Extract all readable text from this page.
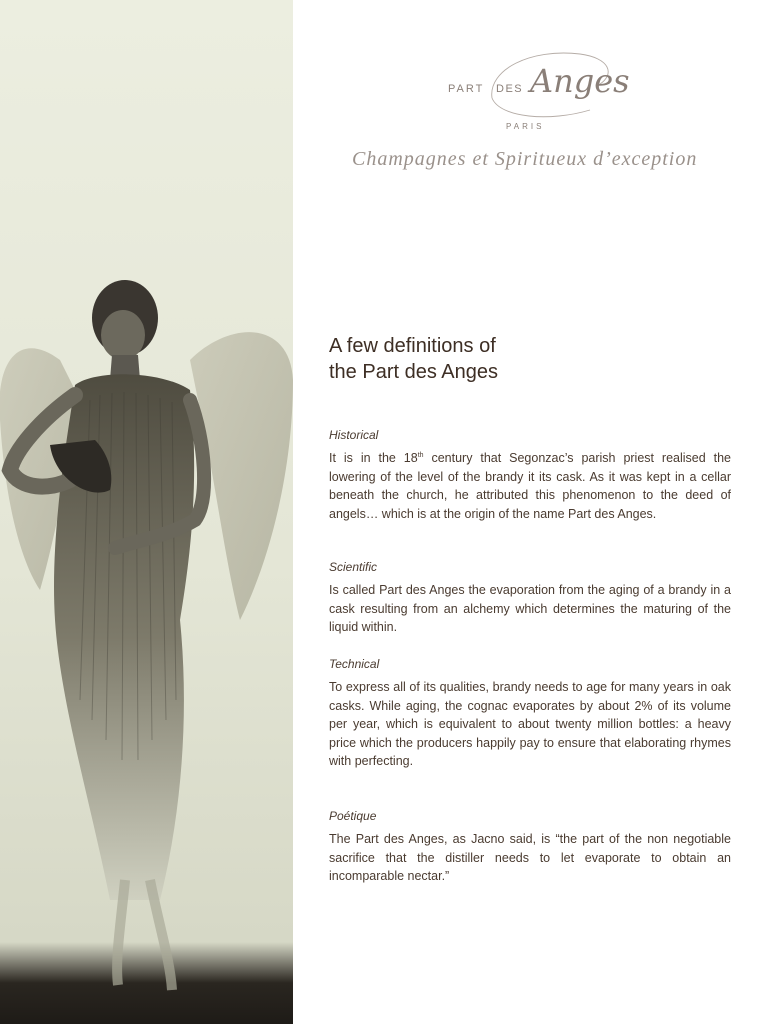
PART DES Anges
PARIS
Champagnes et Spiritueux d’exception
A few definitions of
the Part des Anges

Historical

It is in the 18th century that Segonzac’s parish priest realised the lowering of the level of the brandy it its cask. As it was kept in a cellar beneath the church, he attributed this phenomenon to the deed of angels… which is at the origin of the name Part des Anges.

Scientific

Is called Part des Anges the evaporation from the aging of a brandy in a cask resulting from an alchemy which determines the maturing of the liquid within.

Technical

To express all of its qualities, brandy needs to age for many years in oak casks. While aging, the cognac evaporates by about 2% of its volume per year, which is equivalent to about twenty million bottles: a heavy price which the producers happily pay to ensure that elaborating rhymes with perfecting.

Poétique

The Part des Anges, as Jacno said, is “the part of the non negotiable sacrifice that the distiller needs to let evaporate to obtain an incomparable nectar.”
